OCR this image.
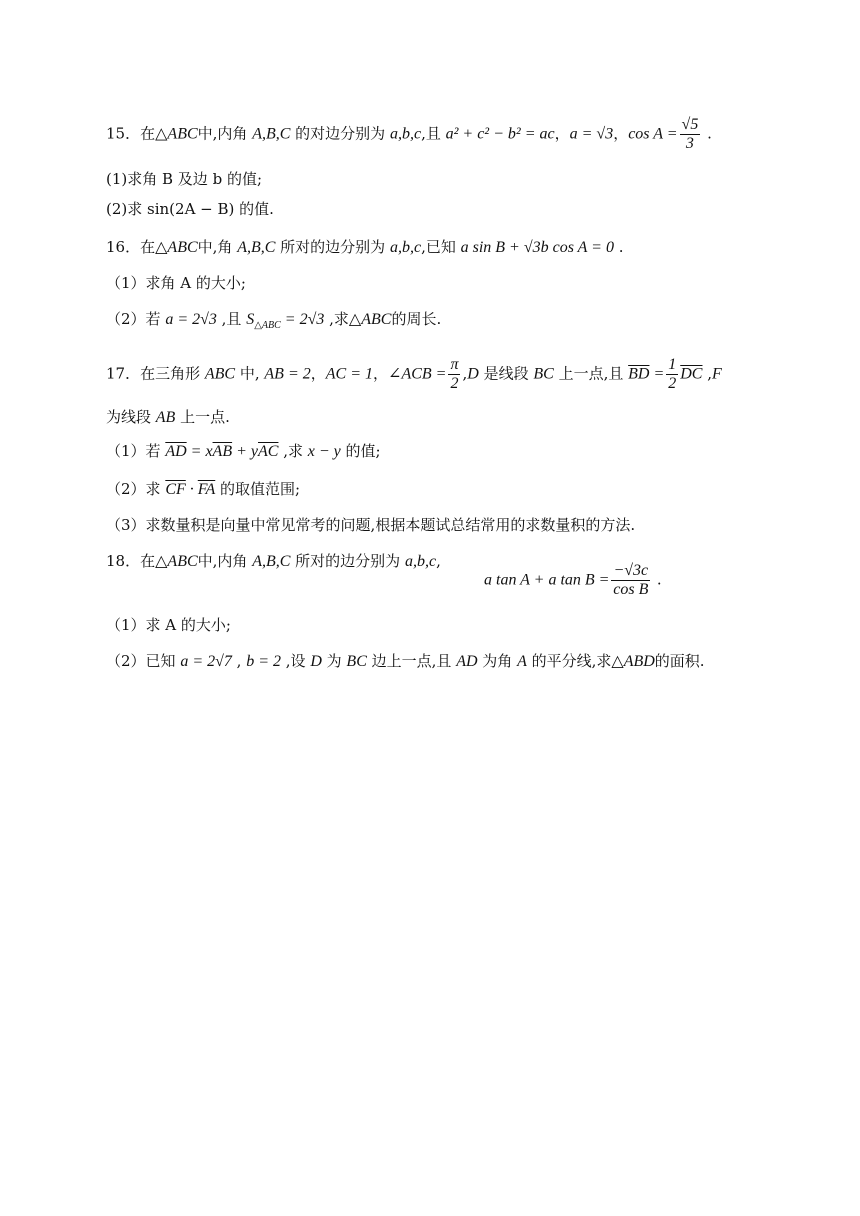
15．在△ABC中,内角 A,B,C 的对边分别为 a,b,c,且 a² + c² − b² = ac，a = √3，$\cos A = \frac{√5}{3}$ .
(1)求角 B 及边 b 的值;
(2)求 sin(2A − B) 的值.
16．在△ABC中,角 A,B,C 所对的边分别为 a,b,c,已知 a sin B + √3b cos A = 0 .
（1）求角 A 的大小;
（2）若 a = 2√3 ,且 $S_{\triangle ABC} = 2√3$ ,求△ABC的周长.
17．在三角形 ABC 中, AB = 2，AC = 1，∠ACB = $\frac{\pi}{2} ,D$ 是线段 BC 上一点,且 $\overline{BD} = \frac{1}{2} \overline{DC}$ ,F
为线段 AB 上一点.
（1）若 $\overline{AD} = x\overline{AB} + y\overline{AC}$ ,求 x − y 的值;
（2）求 $\overline{CF} \cdot \overline{FA}$ 的取值范围;
（3）求数量积是向量中常见常考的问题,根据本题试总结常用的求数量积的方法.
18．在△ABC中,内角 A,B,C 所对的边分别为 a,b,c,
a tan A + a $\tan B = \frac{-√3c}{\text{cos B}}$ .
（1）求 A 的大小;
（2）已知 a = 2√7 , b = 2 ,设 D 为 BC 边上一点,且 AD 为角 A 的平分线,求△ABD的面积.
